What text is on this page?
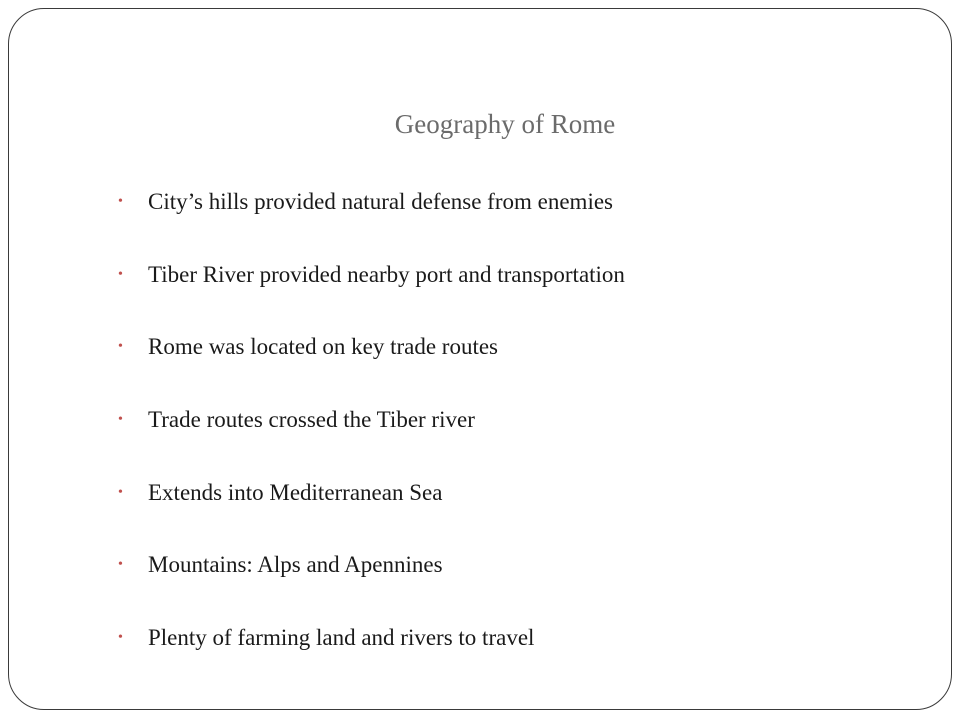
Geography of Rome
•	City’s hills provided natural defense from enemies
•	Tiber River provided nearby port and transportation
•	Rome was located on key trade routes
•	Trade routes crossed the Tiber river
•	Extends into Mediterranean Sea
•	Mountains: Alps and Apennines
•	Plenty of farming land and rivers to travel
